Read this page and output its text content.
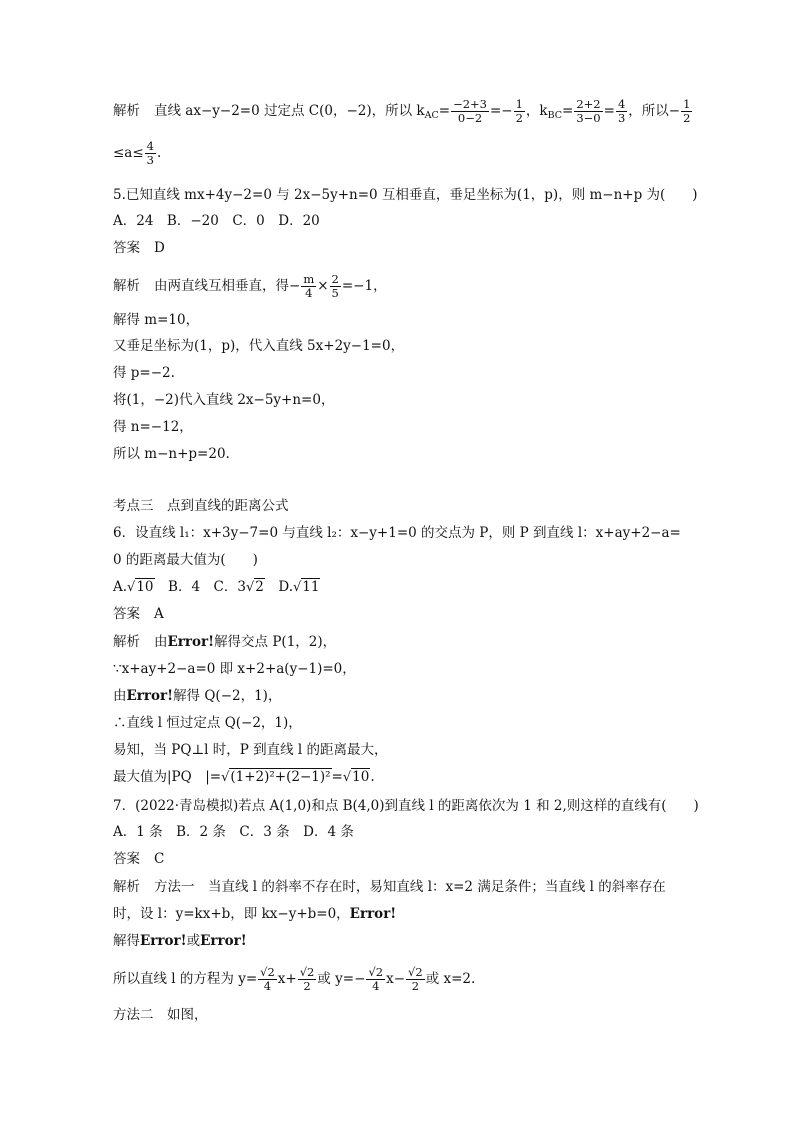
解析 直线 ax−y−2=0 过定点 C(0，−2)，所以 $k_{AC}= \frac{-2+3}{0-2} =- \frac{1}{2}$ ，$k_{BC}= \frac{2+2}{3-0} = \frac{4}{3}$ ，所以− $\frac{1}{2}$
$\le a\le \frac{4}{3}$ .
5.已知直线 mx+4y−2=0 与 2x−5y+n=0 互相垂直，垂足坐标为(1，p)，则 m−n+p 为(　　)
A．24　B．−20　C．0　D．20
答案 D
解析 由两直线互相垂直，得− $\frac{m}{4} \times \frac{2}{5} =-1$，
解得 m=10，
又垂足坐标为(1，p)，代入直线 5x+2y−1=0，
得 p=−2.
将(1，−2)代入直线 2x−5y+n=0，
得 n=−12，
所以 m−n+p=20.
考点三　点到直线的距离公式
6．设直线 l₁：x+3y−7=0 与直线 l₂：x−y+1=0 的交点为 P，则 P 到直线 l：x+ay+2−a=
0 的距离最大值为(　　)
A.√10　 B．4　C．3√2　 D.√11
答案 A
解析 由Error!解得交点 P(1，2)，
∵x+ay+2−a=0 即 x+2+a(y−1)=0，
由Error!解得 Q(−2，1)，
∴直线 l 恒过定点 Q(−2，1)，
易知，当 PQ⊥l 时，P 到直线 l 的距离最大，
最大值为|PQ　|=√(1+2)²+(2−1)²=√10.
7．(2022·青岛模拟)若点 A(1,0)和点 B(4,0)到直线 l 的距离依次为 1 和 2,则这样的直线有(　　)
A．1 条　B．2 条　C．3 条　D．4 条
答案 C
解析 方法一　当直线 l 的斜率不存在时，易知直线 l：x=2 满足条件；当直线 l 的斜率存在
时，设 l：y=kx+b，即 kx−y+b=0，Error!
解得Error!或Error!
所以直线 l 的方程为 $y= \frac{√2}{4} x+ \frac{√2}{2}$ 或 $y=- \frac{√2}{4} x- \frac{√2}{2}$ 或 x=2.
方法二　如图，
